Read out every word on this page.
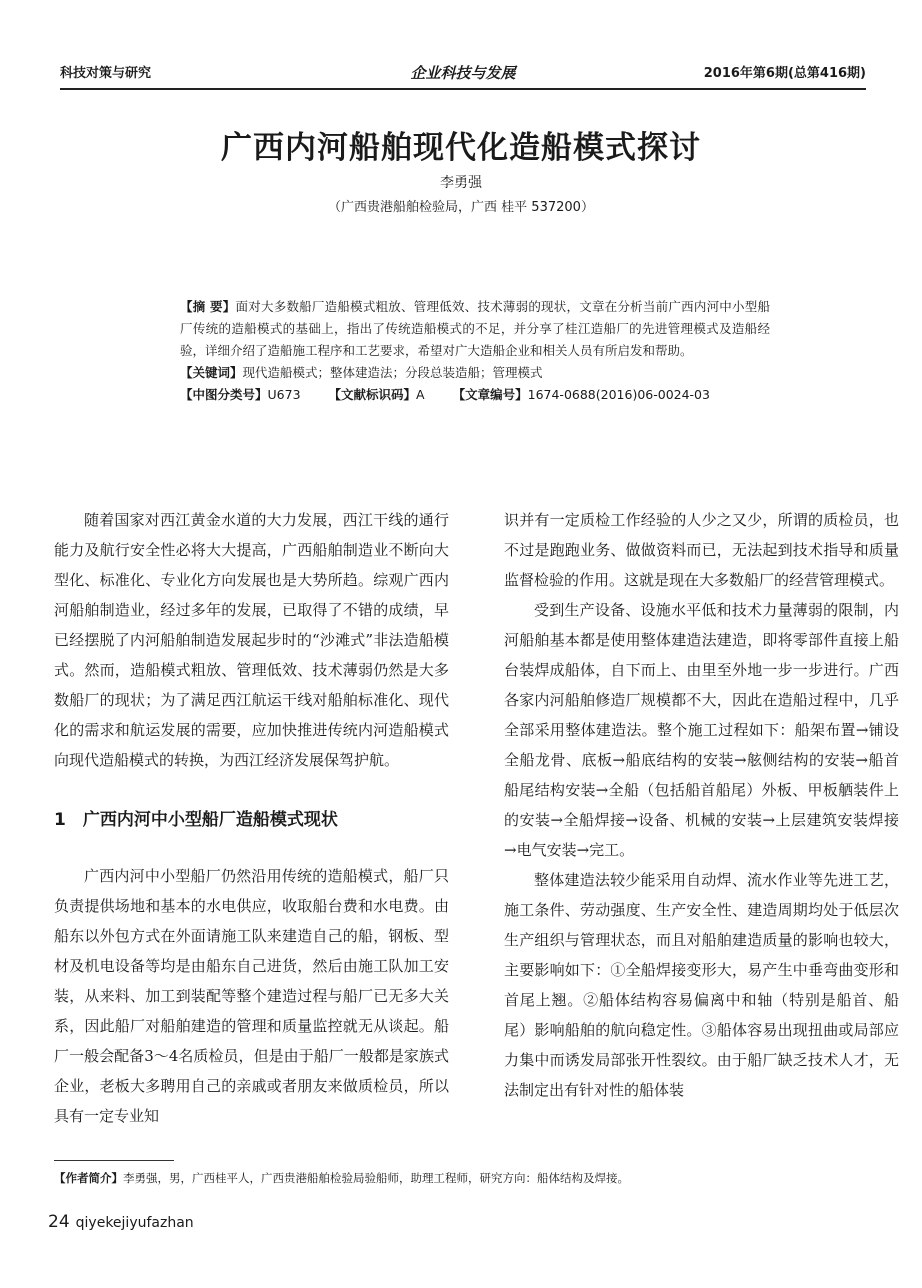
科技对策与研究	企业科技与发展	2016年第6期(总第416期)
广西内河船舶现代化造船模式探讨
李勇强
（广西贵港船舶检验局，广西 桂平 537200）

【摘 要】面对大多数船厂造船模式粗放、管理低效、技术薄弱的现状，文章在分析当前广西内河中小型船厂传统的造船模式的基础上，指出了传统造船模式的不足，并分享了桂江造船厂的先进管理模式及造船经验，详细介绍了造船施工程序和工艺要求，希望对广大造船企业和相关人员有所启发和帮助。

【关键词】现代造船模式；整体建造法；分段总装造船；管理模式

【中图分类号】U673 【文献标识码】A 【文章编号】1674-0688(2016)06-0024-03

随着国家对西江黄金水道的大力发展，西江干线的通行能力及航行安全性必将大大提高，广西船舶制造业不断向大型化、标准化、专业化方向发展也是大势所趋。综观广西内河船舶制造业，经过多年的发展，已取得了不错的成绩，早已经摆脱了内河船舶制造发展起步时的“沙滩式”非法造船模式。然而，造船模式粗放、管理低效、技术薄弱仍然是大多数船厂的现状；为了满足西江航运干线对船舶标准化、现代化的需求和航运发展的需要，应加快推进传统内河造船模式向现代造船模式的转换，为西江经济发展保驾护航。

1　广西内河中小型船厂造船模式现状

广西内河中小型船厂仍然沿用传统的造船模式，船厂只负责提供场地和基本的水电供应，收取船台费和水电费。由船东以外包方式在外面请施工队来建造自己的船，钢板、型材及机电设备等均是由船东自己进货，然后由施工队加工安装，从来料、加工到装配等整个建造过程与船厂已无多大关系，因此船厂对船舶建造的管理和质量监控就无从谈起。船厂一般会配备3～4名质检员，但是由于船厂一般都是家族式企业，老板大多聘用自己的亲戚或者朋友来做质检员，所以具有一定专业知

识并有一定质检工作经验的人少之又少，所谓的质检员，也不过是跑跑业务、做做资料而已，无法起到技术指导和质量监督检验的作用。这就是现在大多数船厂的经营管理模式。

受到生产设备、设施水平低和技术力量薄弱的限制，内河船舶基本都是使用整体建造法建造，即将零部件直接上船台装焊成船体，自下而上、由里至外地一步一步进行。广西各家内河船舶修造厂规模都不大，因此在造船过程中，几乎全部采用整体建造法。整个施工过程如下：船架布置→铺设全船龙骨、底板→船底结构的安装→舷侧结构的安装→船首船尾结构安装→全船（包括船首船尾）外板、甲板舾装件上的安装→全船焊接→设备、机械的安装→上层建筑安装焊接→电气安装→完工。

整体建造法较少能采用自动焊、流水作业等先进工艺，施工条件、劳动强度、生产安全性、建造周期均处于低层次生产组织与管理状态，而且对船舶建造质量的影响也较大，主要影响如下：①全船焊接变形大，易产生中垂弯曲变形和首尾上翘。②船体结构容易偏离中和轴（特别是船首、船尾）影响船舶的航向稳定性。③船体容易出现扭曲或局部应力集中而诱发局部张开性裂纹。由于船厂缺乏技术人才，无法制定出有针对性的船体装

【作者简介】李勇强，男，广西桂平人，广西贵港船舶检验局验船师，助理工程师，研究方向：船体结构及焊接。
24 qiyekejiyufazhan
